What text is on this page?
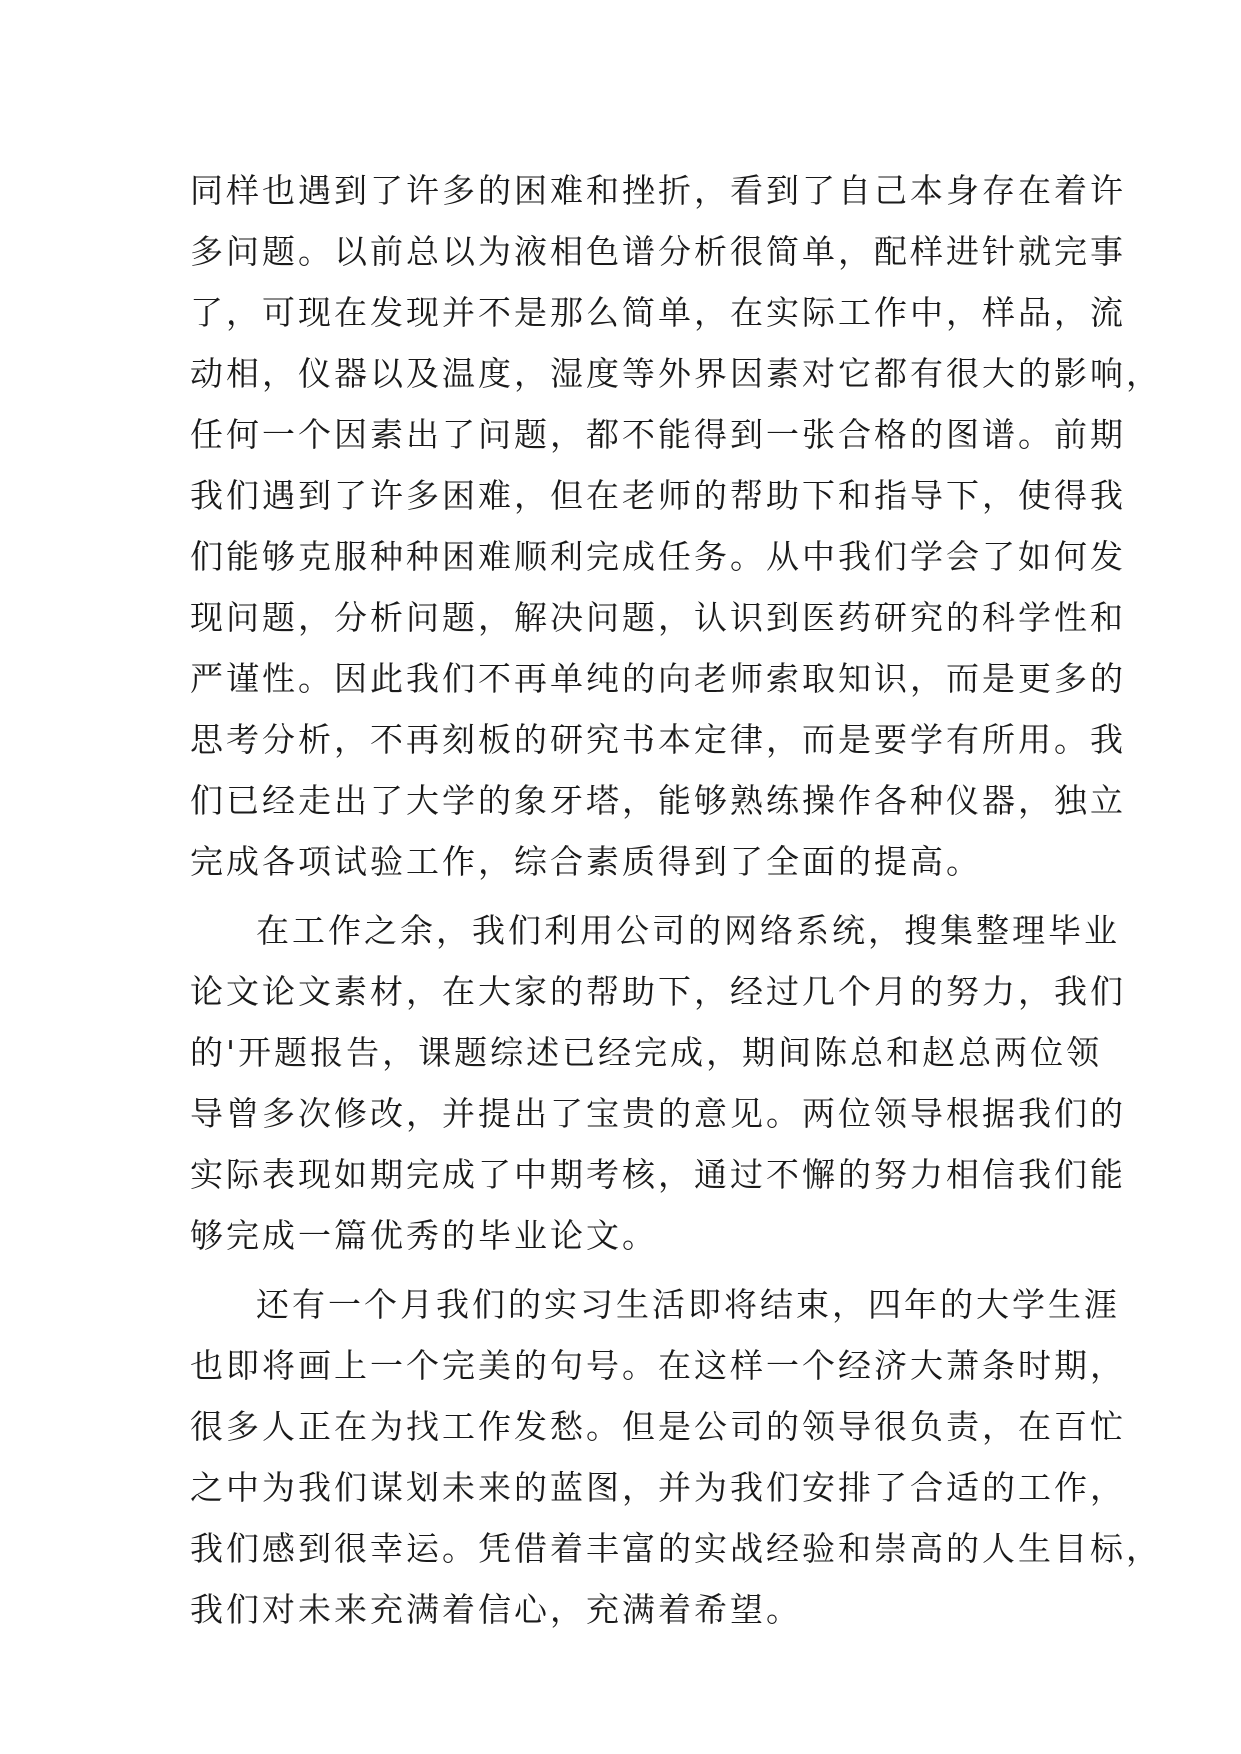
同样也遇到了许多的困难和挫折，看到了自己本身存在着许
多问题。以前总以为液相色谱分析很简单，配样进针就完事
了，可现在发现并不是那么简单，在实际工作中，样品，流
动相，仪器以及温度，湿度等外界因素对它都有很大的影响，
任何一个因素出了问题，都不能得到一张合格的图谱。前期
我们遇到了许多困难，但在老师的帮助下和指导下，使得我
们能够克服种种困难顺利完成任务。从中我们学会了如何发
现问题，分析问题，解决问题，认识到医药研究的科学性和
严谨性。因此我们不再单纯的向老师索取知识，而是更多的
思考分析，不再刻板的研究书本定律，而是要学有所用。我
们已经走出了大学的象牙塔，能够熟练操作各种仪器，独立
完成各项试验工作，综合素质得到了全面的提高。
在工作之余，我们利用公司的网络系统，搜集整理毕业
论文论文素材，在大家的帮助下，经过几个月的努力，我们
的'开题报告，课题综述已经完成，期间陈总和赵总两位领
导曾多次修改，并提出了宝贵的意见。两位领导根据我们的
实际表现如期完成了中期考核，通过不懈的努力相信我们能
够完成一篇优秀的毕业论文。
还有一个月我们的实习生活即将结束，四年的大学生涯
也即将画上一个完美的句号。在这样一个经济大萧条时期，
很多人正在为找工作发愁。但是公司的领导很负责，在百忙
之中为我们谋划未来的蓝图，并为我们安排了合适的工作，
我们感到很幸运。凭借着丰富的实战经验和崇高的人生目标，
我们对未来充满着信心，充满着希望。
